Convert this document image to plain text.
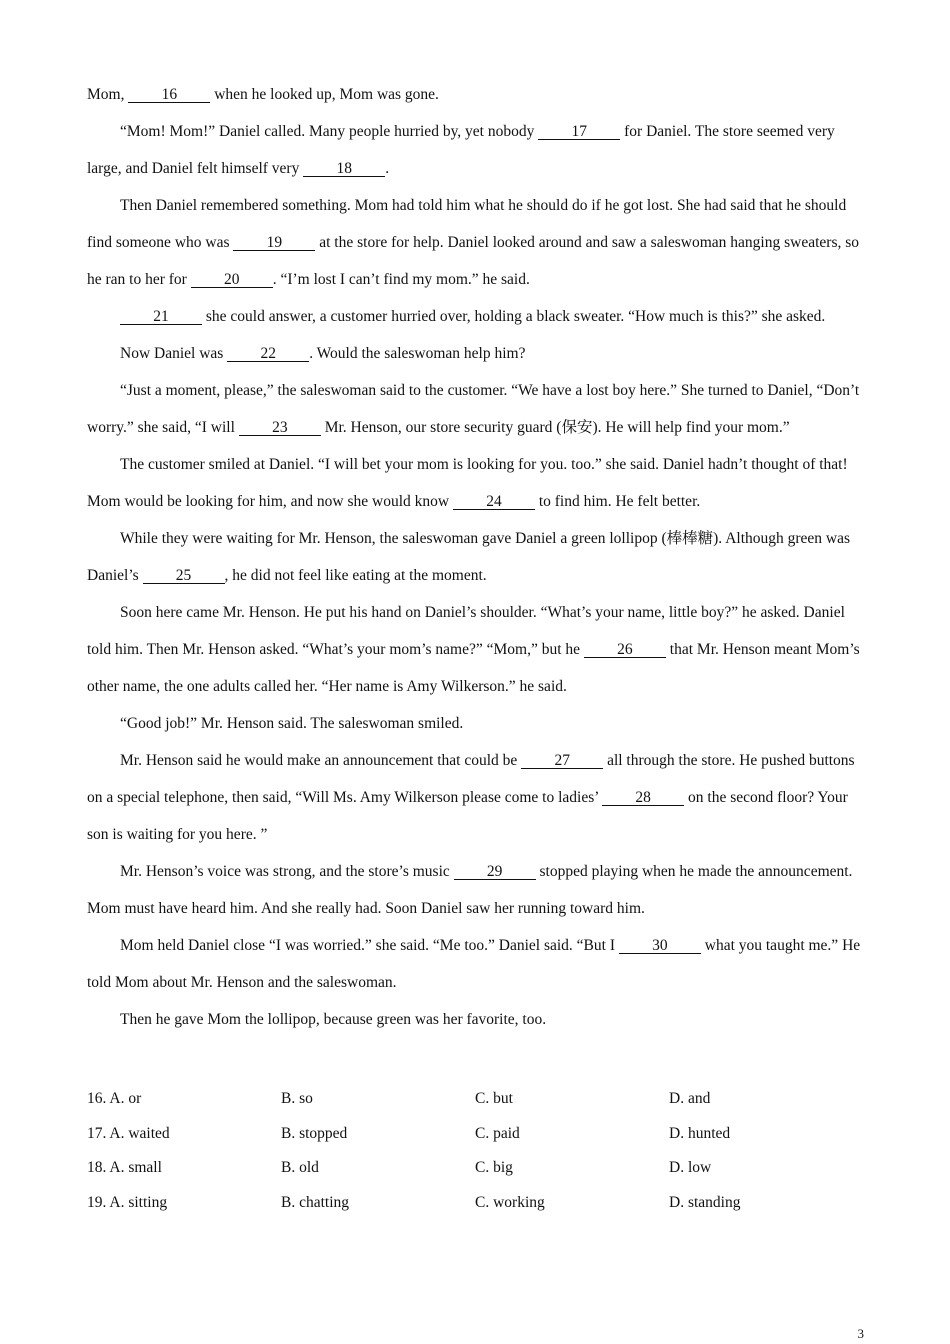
Mom, 16 when he looked up, Mom was gone.

“Mom! Mom!” Daniel called. Many people hurried by, yet nobody 17 for Daniel. The store seemed very large, and Daniel felt himself very 18 .

Then Daniel remembered something. Mom had told him what he should do if he got lost. She had said that he should find someone who was 19 at the store for help. Daniel looked around and saw a saleswoman hanging sweaters, so he ran to her for 20 . “I’m lost I can’t find my mom.” he said.

21 she could answer, a customer hurried over, holding a black sweater. “How much is this?” she asked.

Now Daniel was 22 . Would the saleswoman help him?

“Just a moment, please,” the saleswoman said to the customer. “We have a lost boy here.” She turned to Daniel, “Don’t worry.” she said, “I will 23 Mr. Henson, our store security guard (保安). He will help find your mom.”

The customer smiled at Daniel. “I will bet your mom is looking for you. too.” she said. Daniel hadn’t thought of that! Mom would be looking for him, and now she would know 24 to find him. He felt better.

While they were waiting for Mr. Henson, the saleswoman gave Daniel a green lollipop (棒棒糖). Although green was Daniel’s 25 , he did not feel like eating at the moment.

Soon here came Mr. Henson. He put his hand on Daniel’s shoulder. “What’s your name, little boy?” he asked. Daniel told him. Then Mr. Henson asked. “What’s your mom’s name?” “Mom,” but he 26 that Mr. Henson meant Mom’s other name, the one adults called her. “Her name is Amy Wilkerson.” he said.

“Good job!” Mr. Henson said. The saleswoman smiled.

Mr. Henson said he would make an announcement that could be 27 all through the store. He pushed buttons on a special telephone, then said, “Will Ms. Amy Wilkerson please come to ladies’ 28 on the second floor? Your son is waiting for you here. ”

Mr. Henson’s voice was strong, and the store’s music 29 stopped playing when he made the announcement. Mom must have heard him. And she really had. Soon Daniel saw her running toward him.

Mom held Daniel close “I was worried.” she said. “Me too.” Daniel said. “But I 30 what you taught me.” He told Mom about Mr. Henson and the saleswoman.

Then he gave Mom the lollipop, because green was her favorite, too.

16. A. or	B. so	C. but	D. and
17. A. waited	B. stopped	C. paid	D. hunted
18. A. small	B. old	C. big	D. low
19. A. sitting	B. chatting	C. working	D. standing
3
